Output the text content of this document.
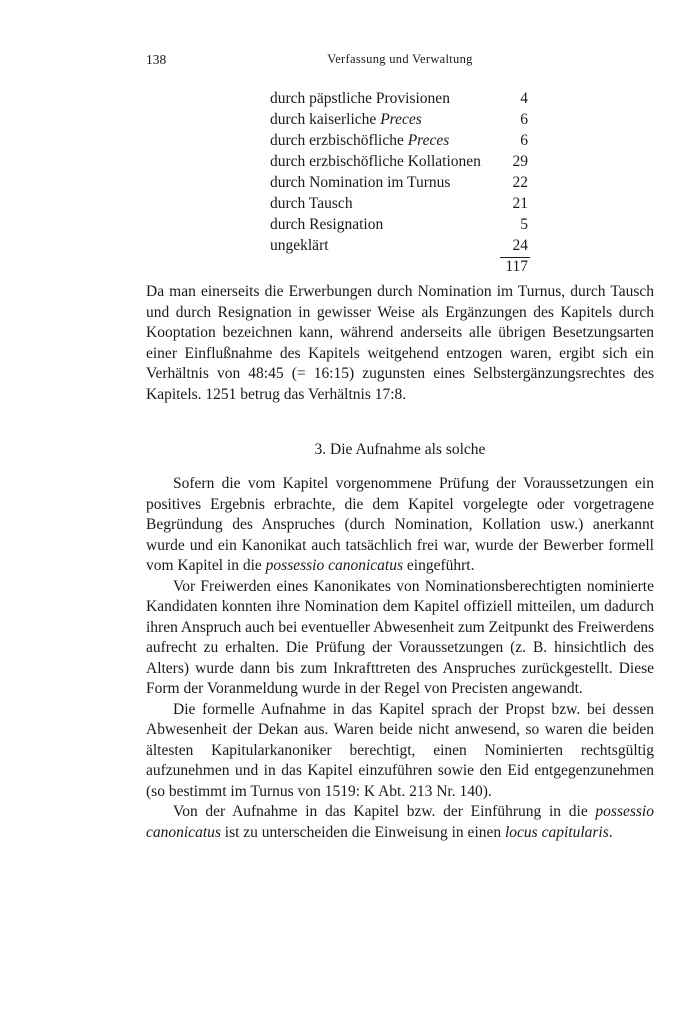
138	Verfassung und Verwaltung
durch päpstliche Provisionen	4
durch kaiserliche Preces	6
durch erzbischöfliche Preces	6
durch erzbischöfliche Kollationen 29
durch Nomination im Turnus	22
durch Tausch	21
durch Resignation	5
ungeklärt	24
117

Da man einerseits die Erwerbungen durch Nomination im Turnus, durch Tausch und durch Resignation in gewisser Weise als Ergänzungen des Kapitels durch Kooptation bezeichnen kann, während anderseits alle übrigen Besetzungsarten einer Einflußnahme des Kapitels weitgehend entzogen waren, ergibt sich ein Verhältnis von 48:45 (= 16:15) zugunsten eines Selbstergänzungsrechtes des Kapitels. 1251 betrug das Verhältnis 17:8.

3. Die Aufnahme als solche

Sofern die vom Kapitel vorgenommene Prüfung der Voraussetzungen ein positives Ergebnis erbrachte, die dem Kapitel vorgelegte oder vorgetragene Begründung des Anspruches (durch Nomination, Kollation usw.) anerkannt wurde und ein Kanonikat auch tatsächlich frei war, wurde der Bewerber formell vom Kapitel in die possessio canonicatus eingeführt.

Vor Freiwerden eines Kanonikates von Nominationsberechtigten nominierte Kandidaten konnten ihre Nomination dem Kapitel offiziell mitteilen, um dadurch ihren Anspruch auch bei eventueller Abwesenheit zum Zeitpunkt des Freiwerdens aufrecht zu erhalten. Die Prüfung der Voraussetzungen (z. B. hinsichtlich des Alters) wurde dann bis zum Inkrafttreten des Anspruches zurückgestellt. Diese Form der Voranmeldung wurde in der Regel von Precisten angewandt.

Die formelle Aufnahme in das Kapitel sprach der Propst bzw. bei dessen Abwesenheit der Dekan aus. Waren beide nicht anwesend, so waren die beiden ältesten Kapitularkanoniker berechtigt, einen Nominierten rechtsgültig aufzunehmen und in das Kapitel einzuführen sowie den Eid entgegenzunehmen (so bestimmt im Turnus von 1519: K Abt. 213 Nr. 140).

Von der Aufnahme in das Kapitel bzw. der Einführung in die possessio canonicatus ist zu unterscheiden die Einweisung in einen locus capitularis.
